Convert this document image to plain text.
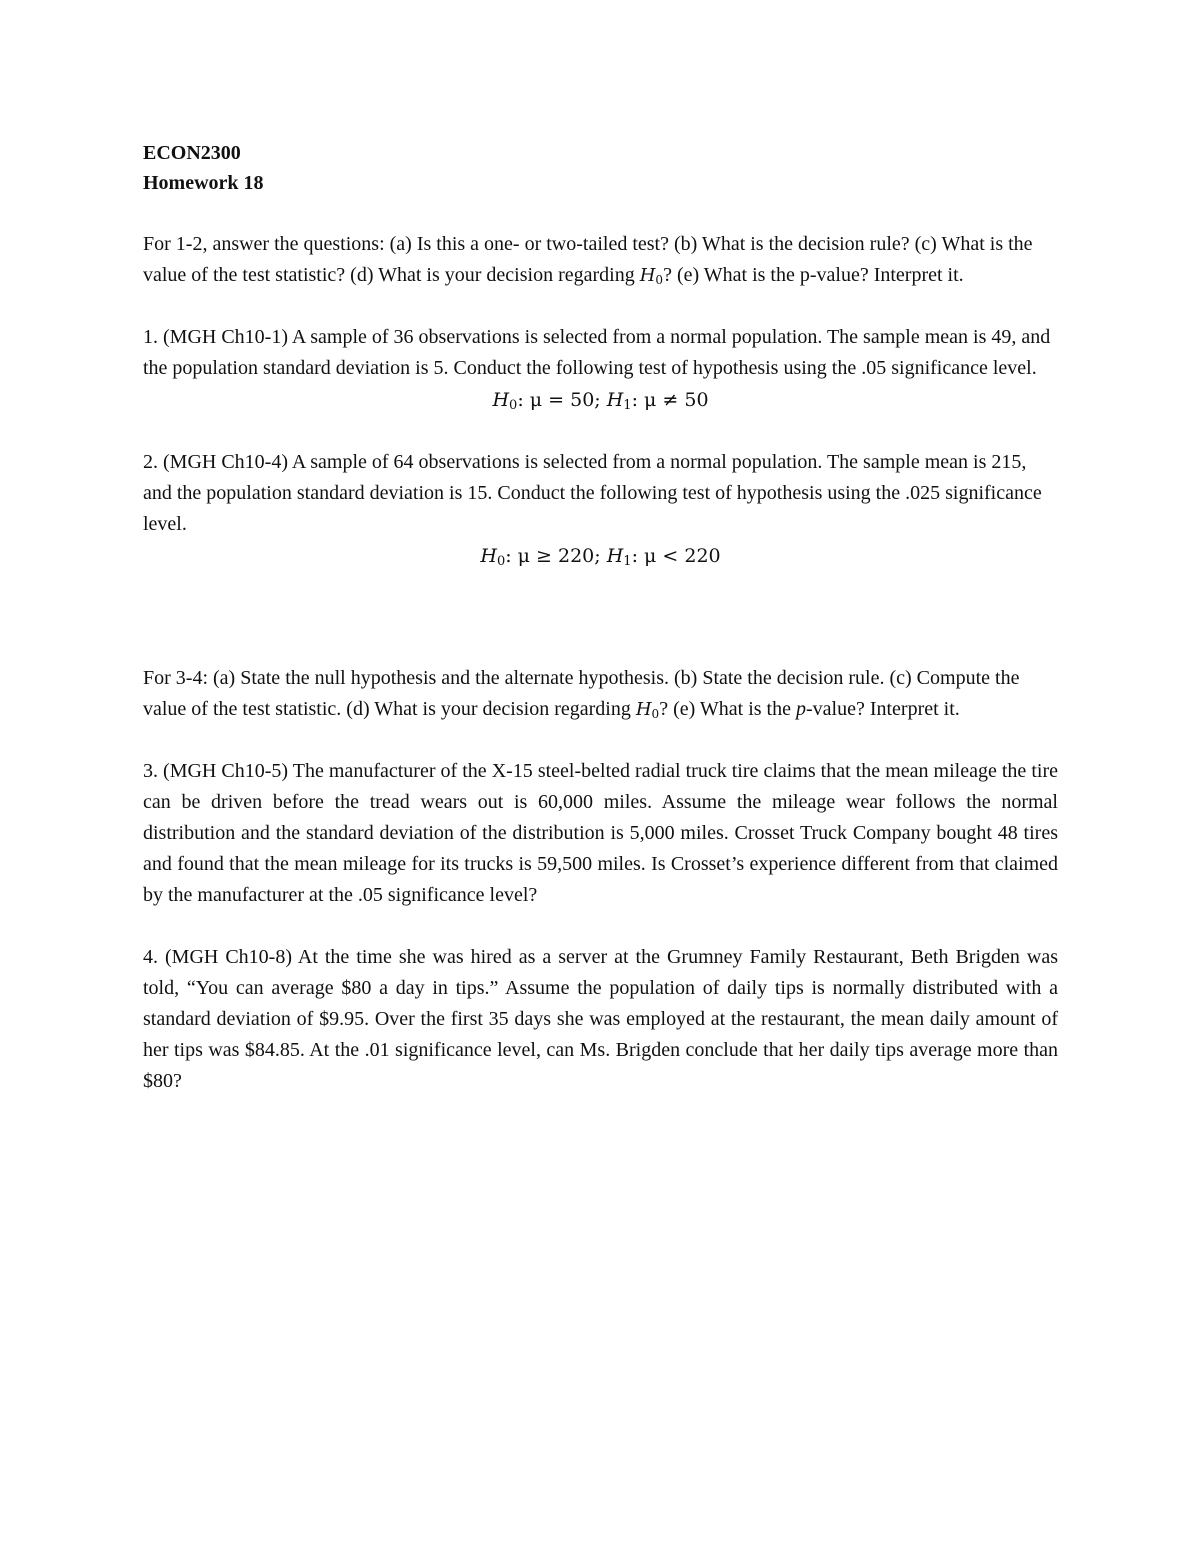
ECON2300
Homework 18

For 1-2, answer the questions: (a) Is this a one- or two-tailed test? (b) What is the decision rule? (c) What is the value of the test statistic? (d) What is your decision regarding $H_0$? (e) What is the p-value? Interpret it.

1. (MGH Ch10-1) A sample of 36 observations is selected from a normal population. The sample mean is 49, and the population standard deviation is 5. Conduct the following test of hypothesis using the .05 significance level.

$H_0$: μ = 50; $H_1$: μ ≠ 50

2. (MGH Ch10-4) A sample of 64 observations is selected from a normal population. The sample mean is 215, and the population standard deviation is 15. Conduct the following test of hypothesis using the .025 significance level.

$H_0$: μ ≥ 220; $H_1$: μ < 220

For 3-4: (a) State the null hypothesis and the alternate hypothesis. (b) State the decision rule. (c) Compute the value of the test statistic. (d) What is your decision regarding $H_0$? (e) What is the p-value? Interpret it.

3. (MGH Ch10-5) The manufacturer of the X-15 steel-belted radial truck tire claims that the mean mileage the tire can be driven before the tread wears out is 60,000 miles. Assume the mileage wear follows the normal distribution and the standard deviation of the distribution is 5,000 miles. Crosset Truck Company bought 48 tires and found that the mean mileage for its trucks is 59,500 miles. Is Crosset’s experience different from that claimed by the manufacturer at the .05 significance level?

4. (MGH Ch10-8) At the time she was hired as a server at the Grumney Family Restaurant, Beth Brigden was told, “You can average $80 a day in tips.” Assume the population of daily tips is normally distributed with a standard deviation of $9.95. Over the first 35 days she was employed at the restaurant, the mean daily amount of her tips was $84.85. At the .01 significance level, can Ms. Brigden conclude that her daily tips average more than $80?
